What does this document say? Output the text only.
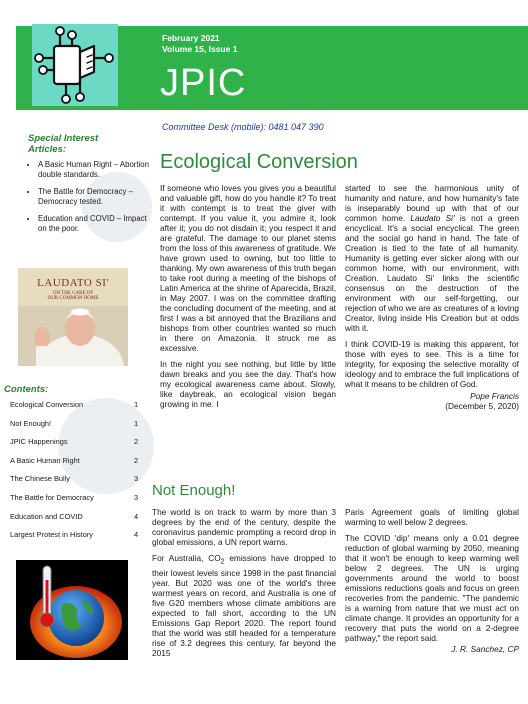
February 2021
Volume 15, Issue 1
JPIC
Committee Desk (mobile): 0481 047 390
Special Interest
Articles:
• A Basic Human Right – Abortion double standards.
• The Battle for Democracy – Democracy tested.
• Education and COVID – Impact on the poor.
LAUDATO SI'
ON THE CARE OF
OUR COMMON HOME
Contents:
Ecological Conversion	1
Not Enough!	1
JPIC Happenings	2
A Basic Human Right	2
The Chinese Bully	3
The Battle for Democracy	3
Education and COVID	4
Largest Protest in History	4
Ecological Conversion

If someone who loves you gives you a beautiful and valuable gift, how do you handle it? To treat it with contempt is to treat the giver with contempt. If you value it, you admire it, look after it; you do not disdain it; you respect it and are grateful. The damage to our planet stems from the loss of this awareness of gratitude. We have grown used to owning, but too little to thanking. My own awareness of this truth began to take root during a meeting of the bishops of Latin America at the shrine of Aparecida, Brazil, in May 2007. I was on the committee drafting the concluding document of the meeting, and at first I was a bit annoyed that the Brazilians and bishops from other countries wanted so much in there on Amazonia. It struck me as excessive.

In the night you see nothing, but little by little dawn breaks and you see the day. That's how my ecological awareness came about. Slowly, like daybreak, an ecological vision began growing in me. I

started to see the harmonious unity of humanity and nature, and how humanity's fate is inseparably bound up with that of our common home. Laudato Si' is not a green encyclical. It's a social encyclical. The green and the social go hand in hand. The fate of Creation is tied to the fate of all humanity. Humanity is getting ever sicker along with our common home, with our environment, with Creation. Laudato Si' links the scientific consensus on the destruction of the environment with our self-forgetting, our rejection of who we are as creatures of a loving Creator, living inside His Creation but at odds with it.

I think COVID-19 is making this apparent, for those with eyes to see. This is a time for integrity, for exposing the selective morality of ideology and to embrace the full implications of what it means to be children of God.

Pope Francis
(December 5, 2020)
Not Enough!

The world is on track to warm by more than 3 degrees by the end of the century, despite the coronavirus pandemic prompting a record drop in global emissions, a UN report warns.

For Australia, $CO_2$ emissions have dropped to their lowest levels since 1998 in the past financial year. But 2020 was one of the world's three warmest years on record, and Australia is one of five G20 members whose climate ambitions are expected to fall short, according to the UN Emissions Gap Report 2020. The report found that the world was still headed for a temperature rise of 3.2 degrees this century, far beyond the 2015

Paris Agreement goals of limiting global warming to well below 2 degrees.

The COVID 'dip' means only a 0.01 degree reduction of global warming by 2050, meaning that it won't be enough to keep warming well below 2 degrees. The UN is urging governments around the world to boost emissions reductions goals and focus on green recoveries from the pandemic. "The pandemic is a warning from nature that we must act on climate change. It provides an opportunity for a recovery that puts the world on a 2-degree pathway," the report said.

J. R. Sanchez, CP
